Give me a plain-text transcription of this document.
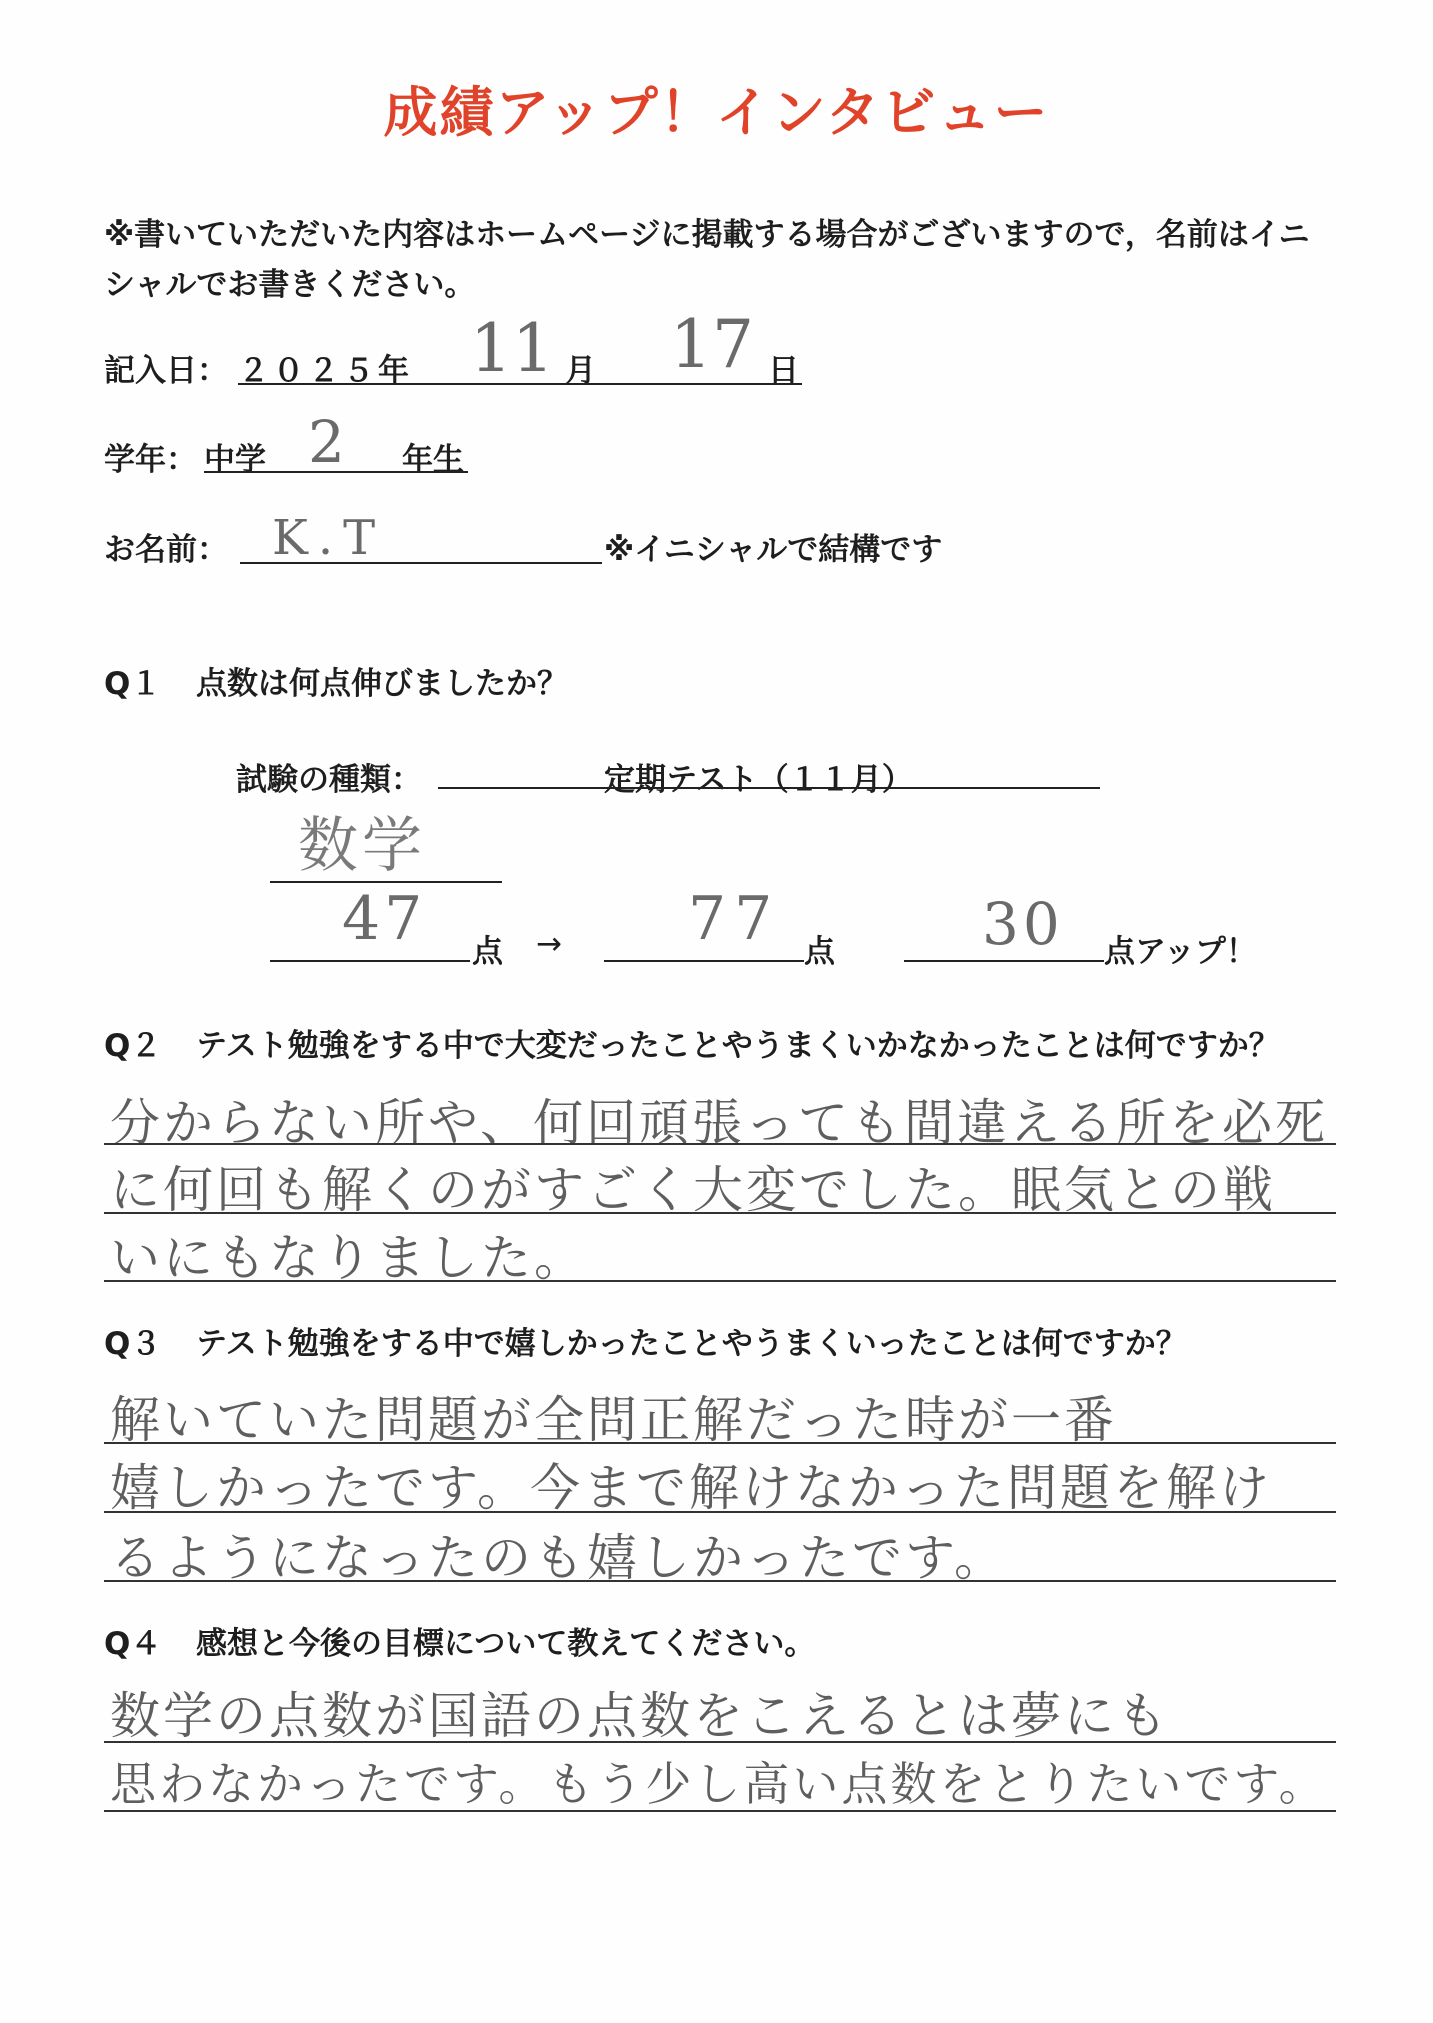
成績アップ！インタビュー
※書いていただいた内容はホームページに掲載する場合がございますので，名前はイニシャルでお書きください。
記入日： ２０２５年 11 月 17 日
学年： 中学 2 年生
お名前： K.T	※イニシャルで結構です
Q１ 点数は何点伸びましたか？
試験の種類：	定期テスト（１１月）
数学
47 点 → 77 点	30 点アップ！
Q２ テスト勉強をする中で大変だったことやうまくいかなかったことは何ですか？
分からない所や、何回頑張っても間違える所を必死
に何回も解くのがすごく大変でした。眠気との戦
いにもなりました。
Q３ テスト勉強をする中で嬉しかったことやうまくいったことは何ですか？
解いていた問題が全問正解だった時が一番
嬉しかったです。今まで解けなかった問題を解け
るようになったのも嬉しかったです。
Q４ 感想と今後の目標について教えてください。
数学の点数が国語の点数をこえるとは夢にも
思わなかったです。もう少し高い点数をとりたいです。
